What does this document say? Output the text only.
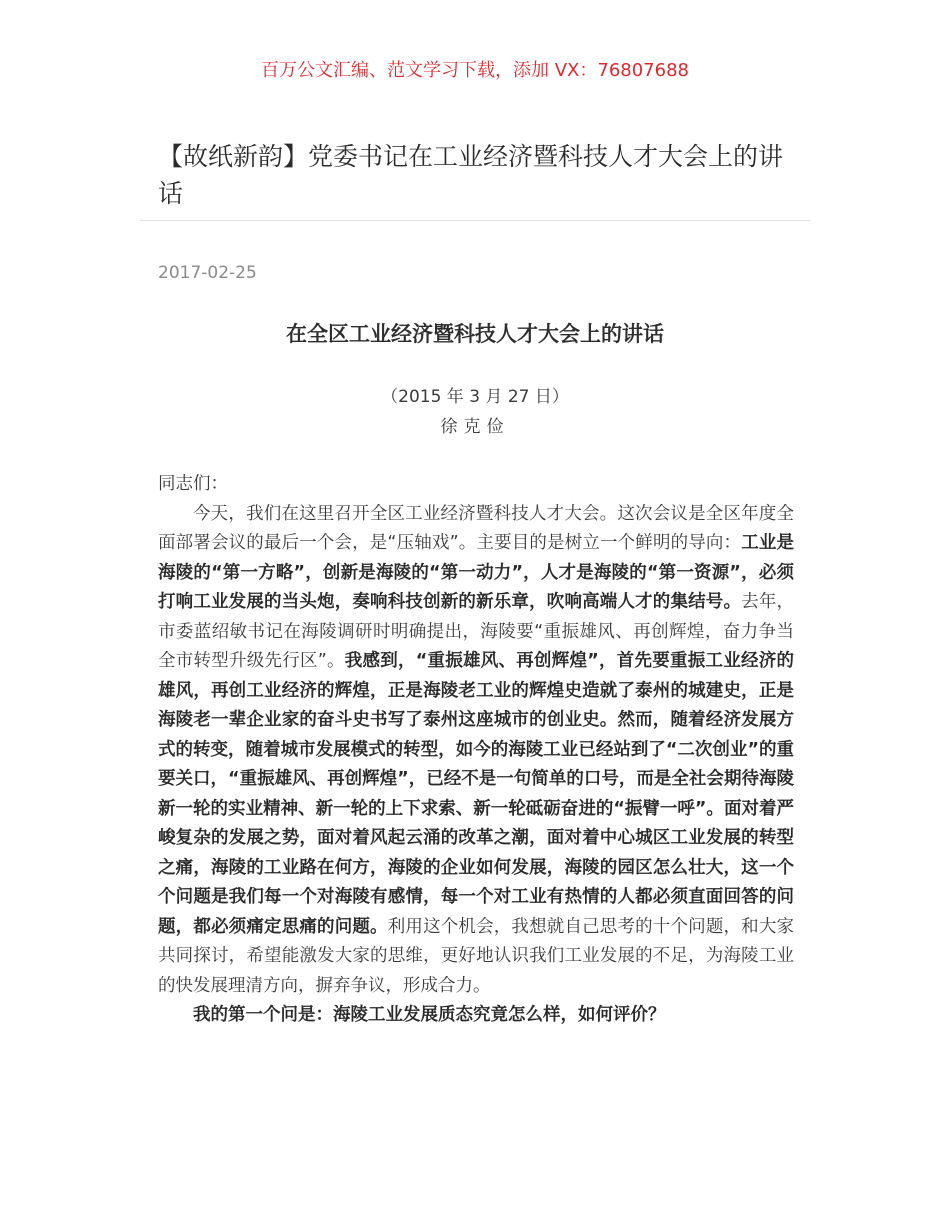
百万公文汇编、范文学习下载，添加 VX：76807688
【故纸新韵】党委书记在工业经济暨科技人才大会上的讲话
2017-02-25
在全区工业经济暨科技人才大会上的讲话
（2015 年 3 月 27 日）
徐克俭

同志们：

今天，我们在这里召开全区工业经济暨科技人才大会。这次会议是全区年度全面部署会议的最后一个会，是“压轴戏”。主要目的是树立一个鲜明的导向：工业是海陵的“第一方略”，创新是海陵的“第一动力”，人才是海陵的“第一资源”，必须打响工业发展的当头炮，奏响科技创新的新乐章，吹响高端人才的集结号。去年，市委蓝绍敏书记在海陵调研时明确提出，海陵要“重振雄风、再创辉煌，奋力争当全市转型升级先行区”。我感到，“重振雄风、再创辉煌”，首先要重振工业经济的雄风，再创工业经济的辉煌，正是海陵老工业的辉煌史造就了泰州的城建史，正是海陵老一辈企业家的奋斗史书写了泰州这座城市的创业史。然而，随着经济发展方式的转变，随着城市发展模式的转型，如今的海陵工业已经站到了“二次创业”的重要关口，“重振雄风、再创辉煌”，已经不是一句简单的口号，而是全社会期待海陵新一轮的实业精神、新一轮的上下求索、新一轮砥砺奋进的“振臂一呼”。面对着严峻复杂的发展之势，面对着风起云涌的改革之潮，面对着中心城区工业发展的转型之痛，海陵的工业路在何方，海陵的企业如何发展，海陵的园区怎么壮大，这一个个问题是我们每一个对海陵有感情，每一个对工业有热情的人都必须直面回答的问题，都必须痛定思痛的问题。利用这个机会，我想就自己思考的十个问题，和大家共同探讨，希望能激发大家的思维，更好地认识我们工业发展的不足，为海陵工业的快发展理清方向，摒弃争议，形成合力。

我的第一个问是：海陵工业发展质态究竟怎么样，如何评价？
